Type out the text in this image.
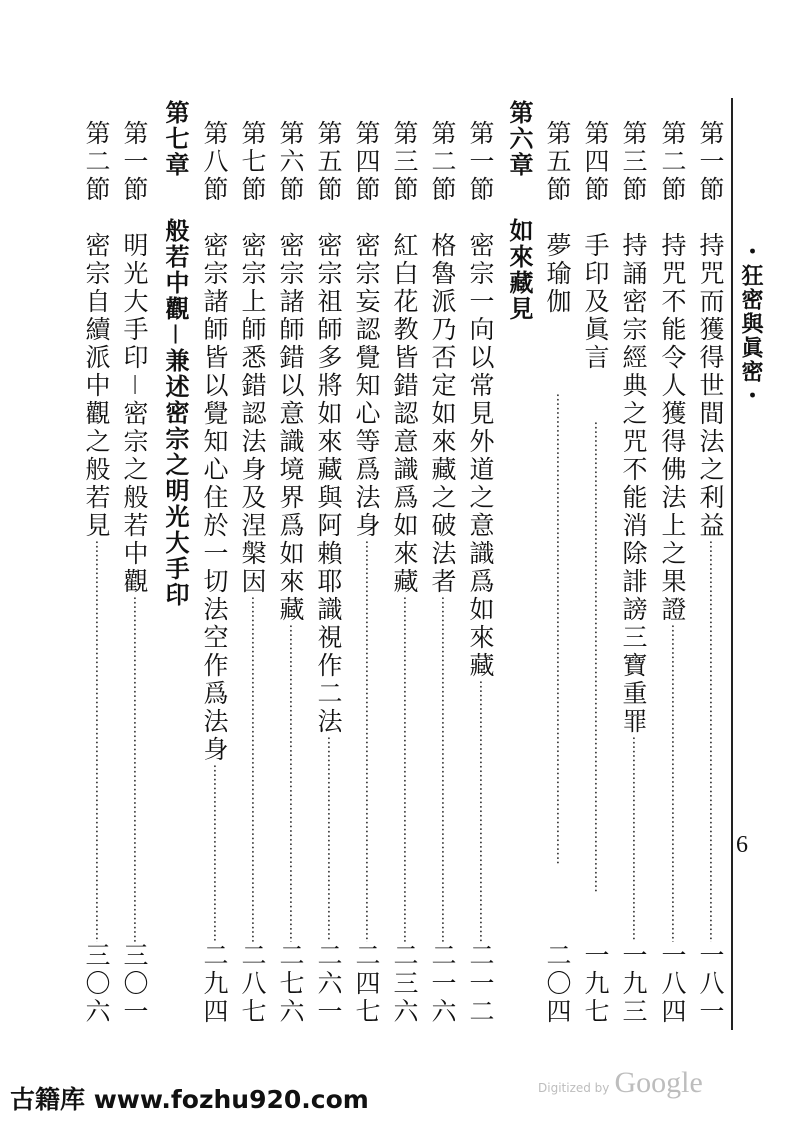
・狂密與眞密・
6
第一節
持咒而獲得世間法之利益
·····
一八一
第二節
持咒不能令人獲得佛法上之果證
·····
一八四
第三節
持誦密宗經典之咒不能消除誹謗三寶重罪
·····
一九三
第四節
手印及眞言
·····
一九七
第五節
夢瑜伽
·····
二〇四
第六章
如來藏見
第一節
密宗一向以常見外道之意識爲如來藏
·····
二一二
第二節
格魯派乃否定如來藏之破法者
·····
二一六
第三節
紅白花教皆錯認意識爲如來藏
·····
二三六
第四節
密宗妄認覺知心等爲法身
·····
二四七
第五節
密宗祖師多將如來藏與阿賴耶識視作二法
·····
二六一
第六節
密宗諸師錯以意識境界爲如來藏
·····
二七六
第七節
密宗上師悉錯認法身及涅槃因
·····
二八七
第八節
密宗諸師皆以覺知心住於一切法空作爲法身
·····
二九四
第七章
般若中觀－兼述密宗之明光大手印
第一節
明光大手印－密宗之般若中觀
·····
三〇一
第二節
密宗自續派中觀之般若見
·····
三〇六
古籍库 www.fozhu920.com	Digitized by Google
